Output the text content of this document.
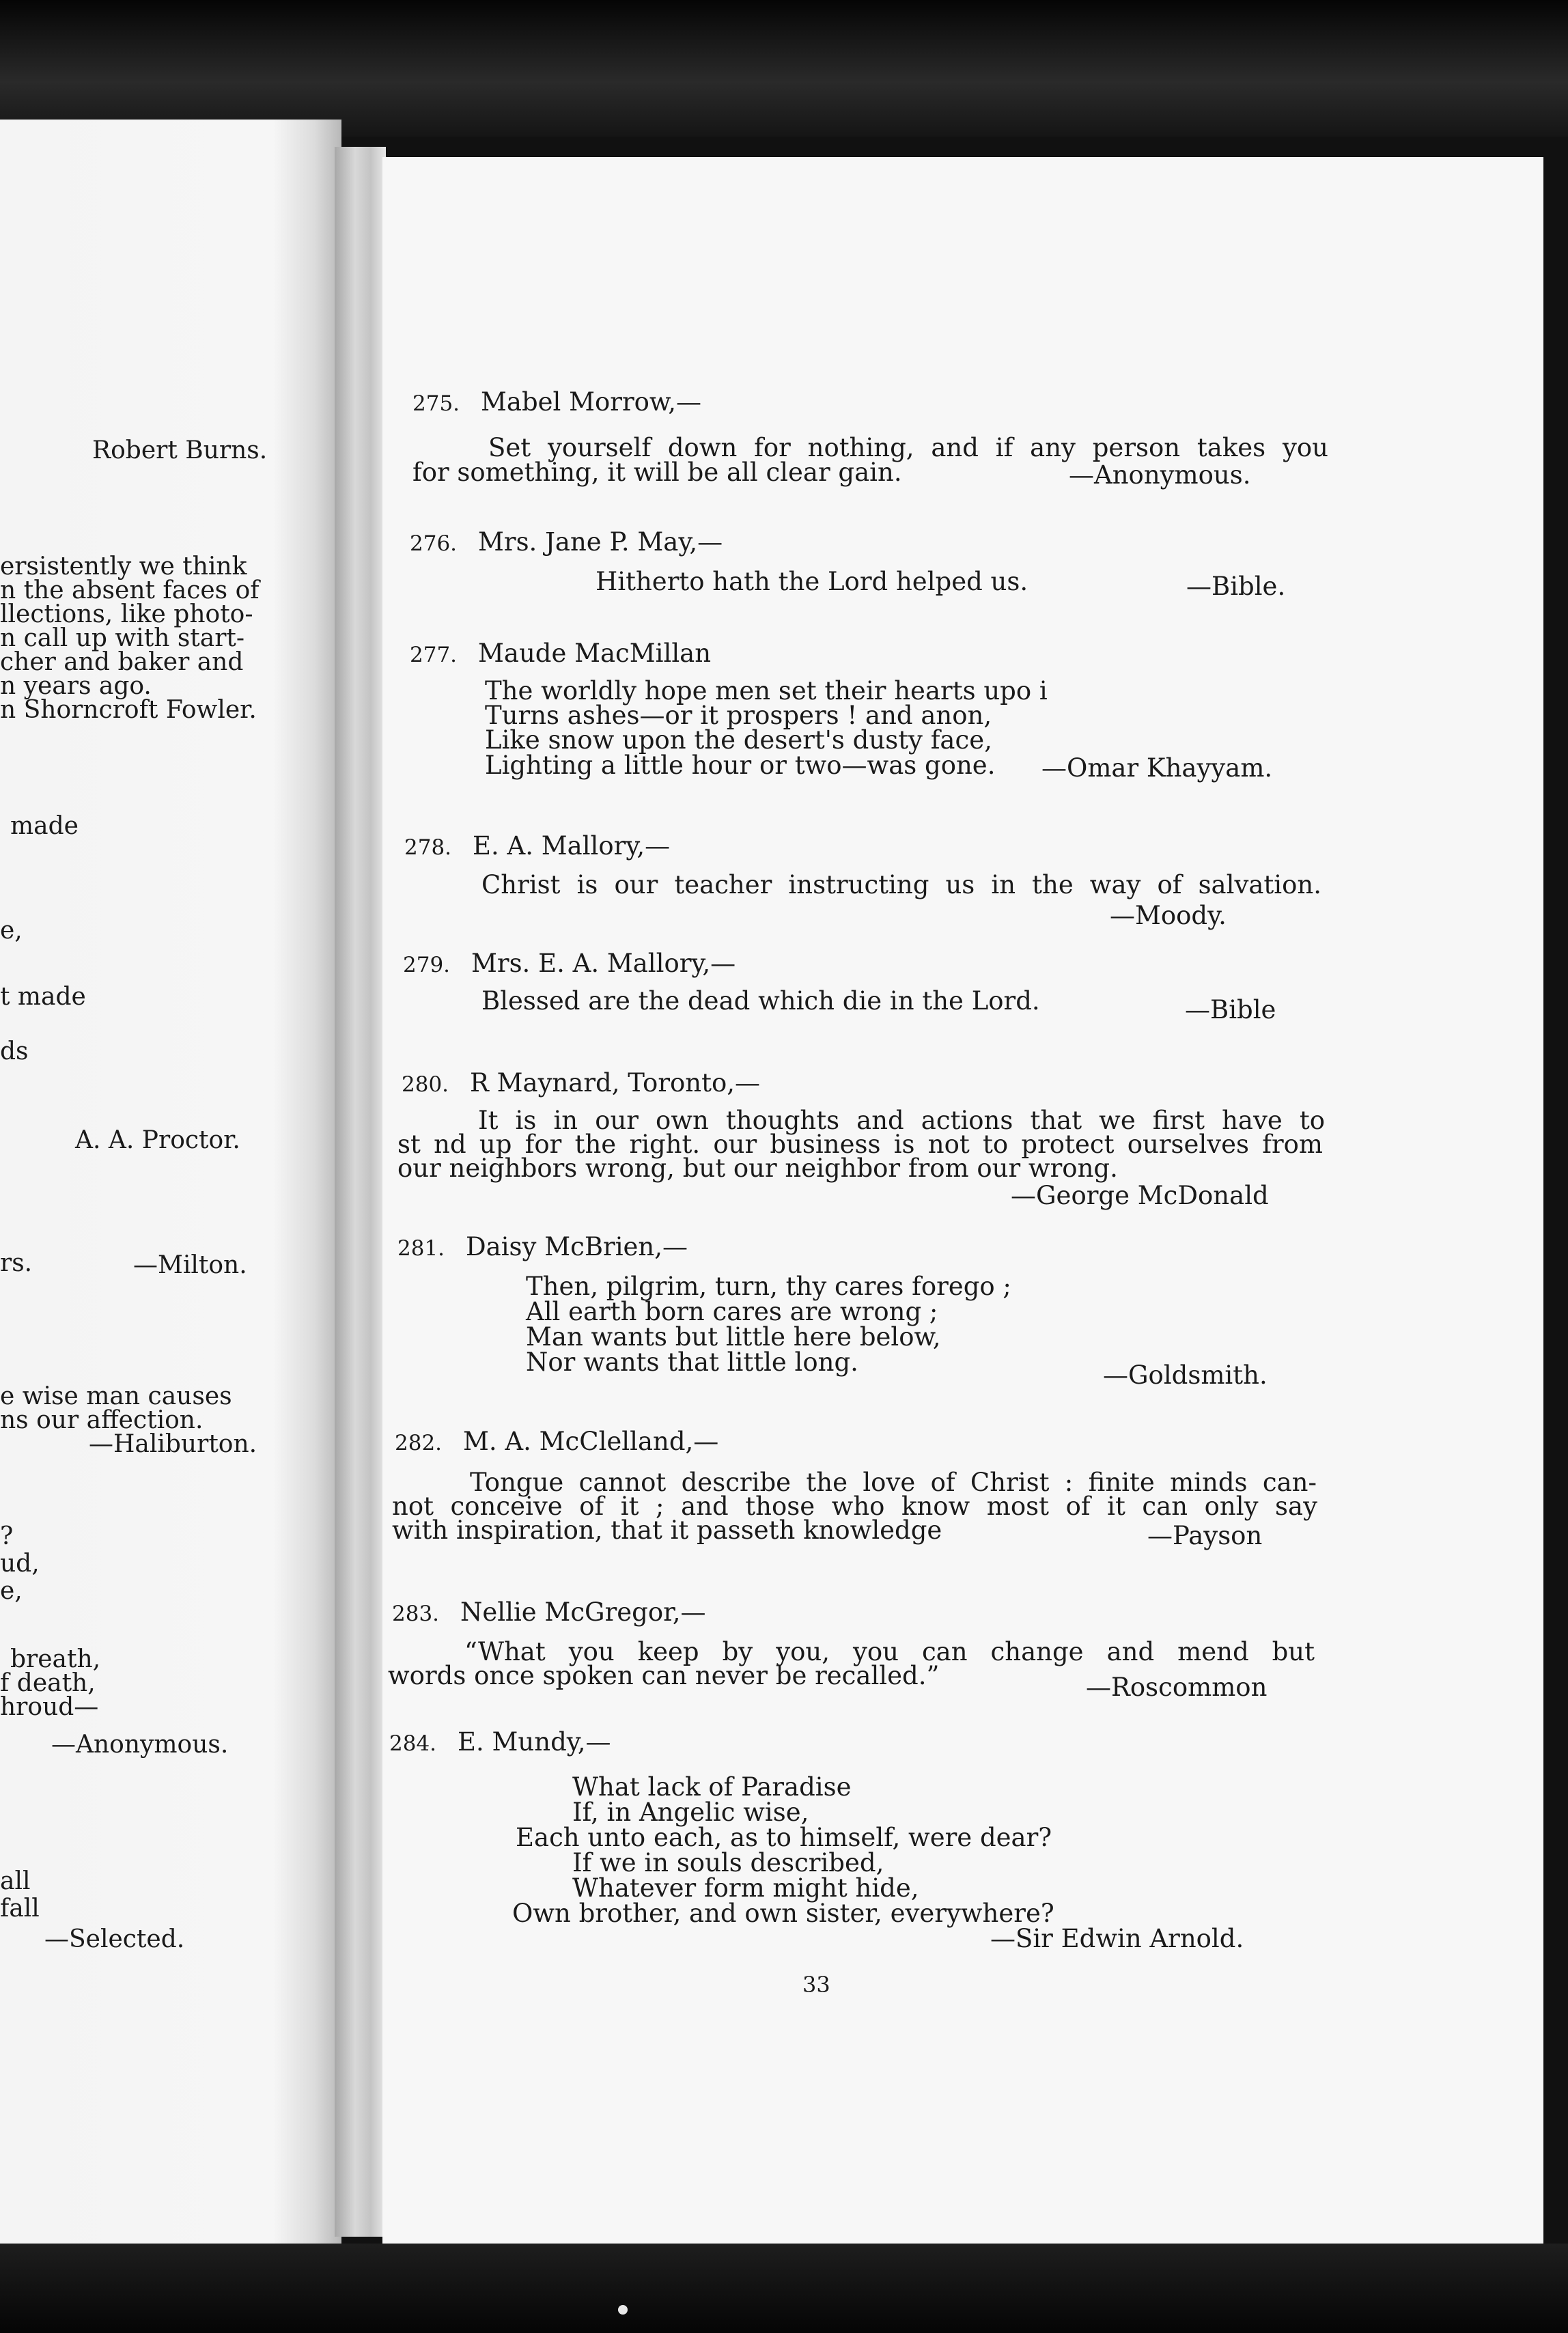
Robert Burns.
ersistently we think
n the absent faces of
llections, like photo-
n call up with start-
cher and baker and
n years ago.
n Shorncroft Fowler.
made
e,
t made
ds
A. A. Proctor.
rs.	—Milton.
e wise man causes
ns our affection.
—Haliburton.
?
ud,
e,
breath,
f death,
hroud—
—Anonymous.
all
fall
—Selected.
275. Mabel Morrow,—
Set yourself down for nothing, and if any person takes you
for something, it will be all clear gain.	—Anonymous.
276. Mrs. Jane P. May,—
Hitherto hath the Lord helped us.	—Bible.
277. Maude MacMillan
The worldly hope men set their hearts upo i
Turns ashes—or it prospers ! and anon,
Like snow upon the desert's dusty face,
Lighting a little hour or two—was gone. —Omar Khayyam.
278. E. A. Mallory,—
Christ is our teacher instructing us in the way of salvation.
—Moody.
279. Mrs. E. A. Mallory,—
Blessed are the dead which die in the Lord.	—Bible
280. R Maynard, Toronto,—
It is in our own thoughts and actions that we first have to
st nd up for the right. our business is not to protect ourselves from
our neighbors wrong, but our neighbor from our wrong.
—George McDonald
281. Daisy McBrien,—
Then, pilgrim, turn, thy cares forego ;
All earth born cares are wrong ;
Man wants but little here below,
Nor wants that little long.	—Goldsmith.
282. M. A. McClelland,—
Tongue cannot describe the love of Christ : finite minds can-
not conceive of it ; and those who know most of it can only say
with inspiration, that it passeth knowledge	—Payson
283. Nellie McGregor,—
“What you keep by you, you can change and mend but
words once spoken can never be recalled.”	—Roscommon
284. E. Mundy,—
What lack of Paradise
If, in Angelic wise,
Each unto each, as to himself, were dear?
If we in souls described,
Whatever form might hide,
Own brother, and own sister, everywhere?
—Sir Edwin Arnold.
33
